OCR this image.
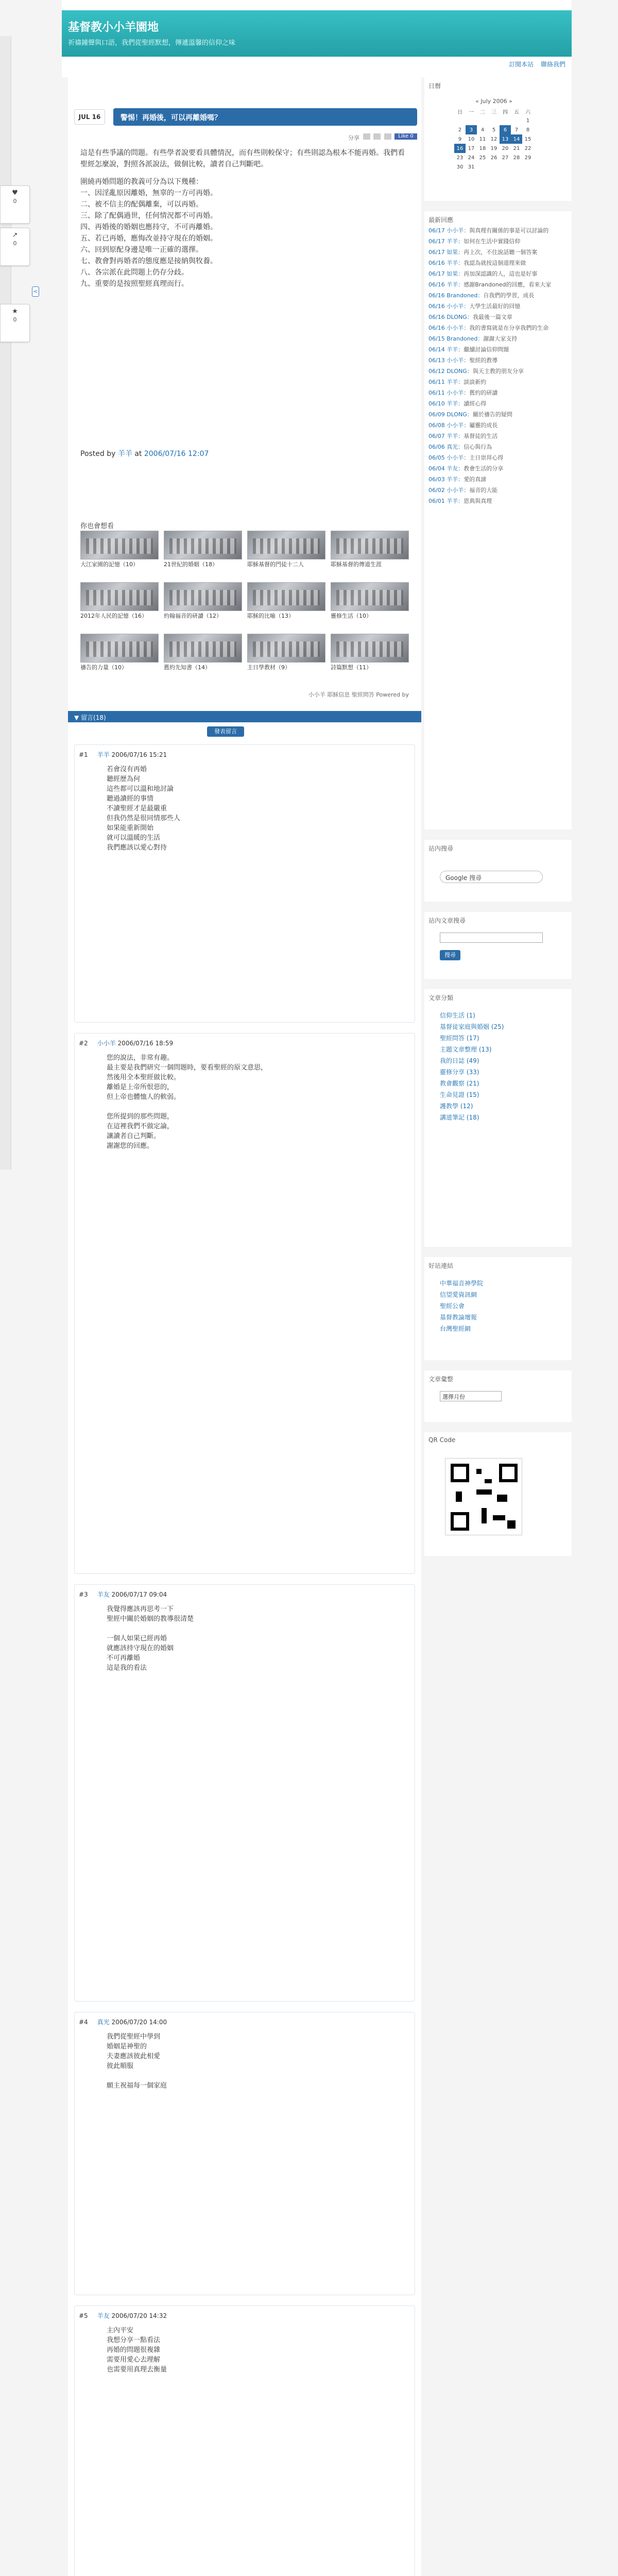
♥
0
↗
0
★
0
<
基督教小小羊園地
祈禱鐘聲與口語，我們從聖經默想，傳遞溫馨的信仰之味
訂閱本站 聯絡我們
JUL 16	警惕！再婚後，可以再離婚嗎？
分享	Like 0

這是有些爭議的問題。有些學者說要看具體情況，而有些則較保守；有些則認為根本不能再婚。我們看聖經怎麼說，對照各派說法，做個比較，讀者自己判斷吧。

圍繞再婚問題的教義可分為以下幾種：
一、因淫亂原因離婚，無辜的一方可再婚。
二、被不信主的配偶離棄，可以再婚。
三、除了配偶過世，任何情況都不可再婚。
四、再婚後的婚姻也應持守，不可再離婚。
五、若已再婚，應悔改並持守現在的婚姻。
六、回到原配身邊是唯一正確的選擇。
七、教會對再婚者的態度應是接納與牧養。
八、各宗派在此問題上仍存分歧。
九、重要的是按照聖經真理而行。
Posted by 羊羊 at 2006/07/16 12:07
你也會想看
大江家園的記憶（10）	21世紀的婚姻（18）	耶穌基督的門徒十二人	耶穌基督的傳道生涯
2012年人民的記憶（16）	約翰福音的研讀（12）	耶穌的比喻（13）	靈修生活（10）
禱告的力量（10）	舊約先知書（14）	主日學教材（9）	詩篇默想（11）
小小羊 耶穌信息 聖經問答 Powered by
▼ 留言(18)
發表留言
#1 羊羊 2006/07/16 15:21
若會沒有再婚
聽經歷為何
這些都可以溫和地討論
聽過讀經的事情
不讀聖經才是最嚴重
但我仍然是很同情那些人
如果能重新開始
就可以溫暖的生活
我們應該以愛心對待
#2 小小羊 2006/07/16 18:59
您的說法，非常有趣。
最主要是我們研究一個問題時，要看聖經的原文意思，
然後用全本聖經做比較。
離婚是上帝所恨惡的，
但上帝也體恤人的軟弱。

您所提到的那些問題，
在這裡我們不做定論，
讓讀者自己判斷。
謝謝您的回應。
#3 羊友 2006/07/17 09:04
我覺得應該再思考一下
聖經中關於婚姻的教導很清楚

一個人如果已經再婚
就應該持守現在的婚姻
不可再離婚
這是我的看法
#4 真光 2006/07/20 14:00
我們從聖經中學到
婚姻是神聖的
夫妻應該彼此相愛
彼此順服

願主祝福每一個家庭
#5 羊友 2006/07/20 14:32
主內平安
我想分享一點看法
再婚的問題很複雜
需要用愛心去理解
也需要用真理去衡量
日曆
« July 2006 »
日	一	二	三	四	五	六
						1
2	3	4	5	6	7	8
9	10	11	12	13	14	15
16	17	18	19	20	21	22
23	24	25	26	27	28	29
30	31					
最新回應
06/17 小小羊：與真理有關係的事是可以討論的
06/17 羊羊：如何在生活中實踐信仰
06/17 如果：再上次，不住說話聽一個答案
06/16 羊羊：我認為就按這個道理來做
06/17 如果：再加深認識的人，這也是好事
06/16 羊羊：感謝Brandoned的回應，看來大家
06/16 Brandoned：自我們的學習，成長
06/16 小小羊：大學生活最好的回憶
06/16 DLONG：我最後一篇文章
06/16 小小羊：我的書寫就是在分享我們的生命
06/15 Brandoned：謝謝大家支持
06/14 羊羊：繼續討論信仰問題
06/13 小小羊：聖經的教導
06/12 DLONG：與天主教的朋友分享
06/11 羊羊：談談新約
06/11 小小羊：舊約的研讀
06/10 羊羊：讀經心得
06/09 DLONG：關於禱告的疑問
06/08 小小羊：屬靈的成長
06/07 羊羊：基督徒的生活
06/06 真光：信心與行為
06/05 小小羊：主日崇拜心得
06/04 羊友：教會生活的分享
06/03 羊羊：愛的真諦
06/02 小小羊：福音的大能
06/01 羊羊：恩典與真理
站內搜尋
Google 搜尋
站內文章搜尋
搜尋
文章分類
信仰生活 (1)
基督徒家庭與婚姻 (25)
聖經問答 (17)
主題文章整理 (13)
我的日誌 (49)
靈修分享 (33)
教會觀察 (21)
生命見證 (15)
護教學 (12)
講道筆記 (18)
好站連結
中華福音神學院
信望愛資訊網
聖經公會
基督教論壇報
台灣聖經網
文章彙整
選擇月份
QR Code
